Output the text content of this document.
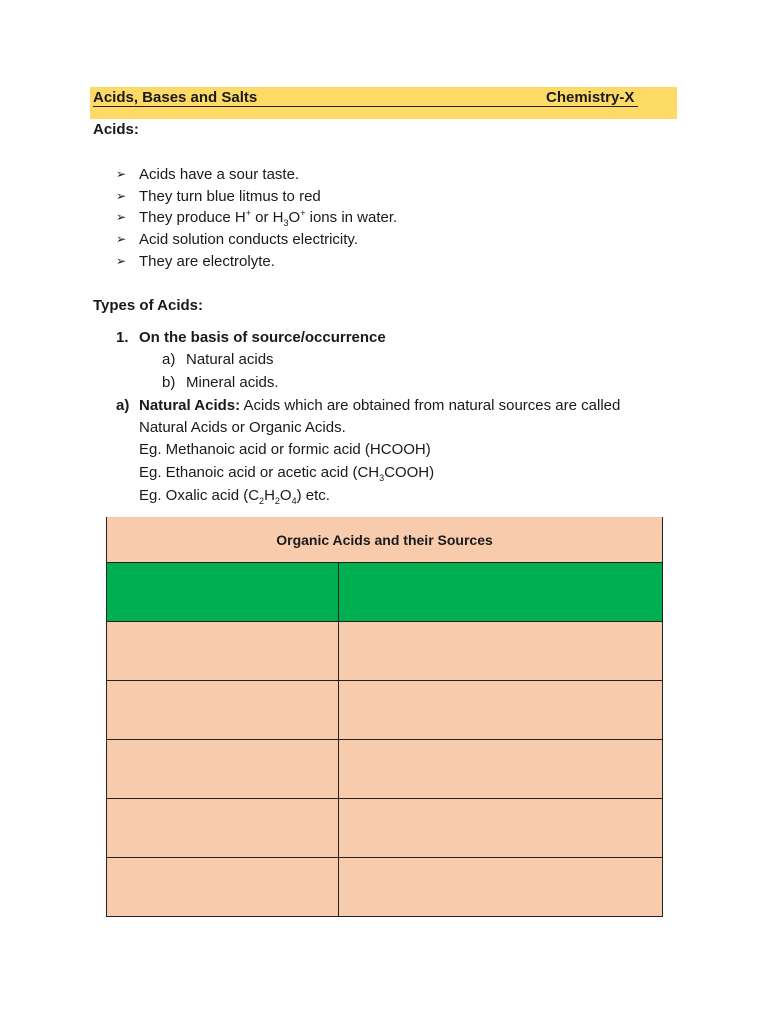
Acids, Bases and Salts	Chemistry-X
Acids:
➢ Acids have a sour taste.
➢ They turn blue litmus to red
➢ They produce H+ or $H_3O^+$ ions in water.
➢ Acid solution conducts electricity.
➢ They are electrolyte.
Types of Acids:
1. On the basis of source/occurrence
a) Natural acids
b) Mineral acids.
a) Natural Acids: Acids which are obtained from natural sources are called
Natural Acids or Organic Acids.
Eg. Methanoic acid or formic acid (HCOOH)
Eg. Ethanoic acid or acetic acid $(CH_3COOH)$
Eg. Oxalic acid $(C_2H_2O_4)$ etc.
Organic Acids and their Sources	
